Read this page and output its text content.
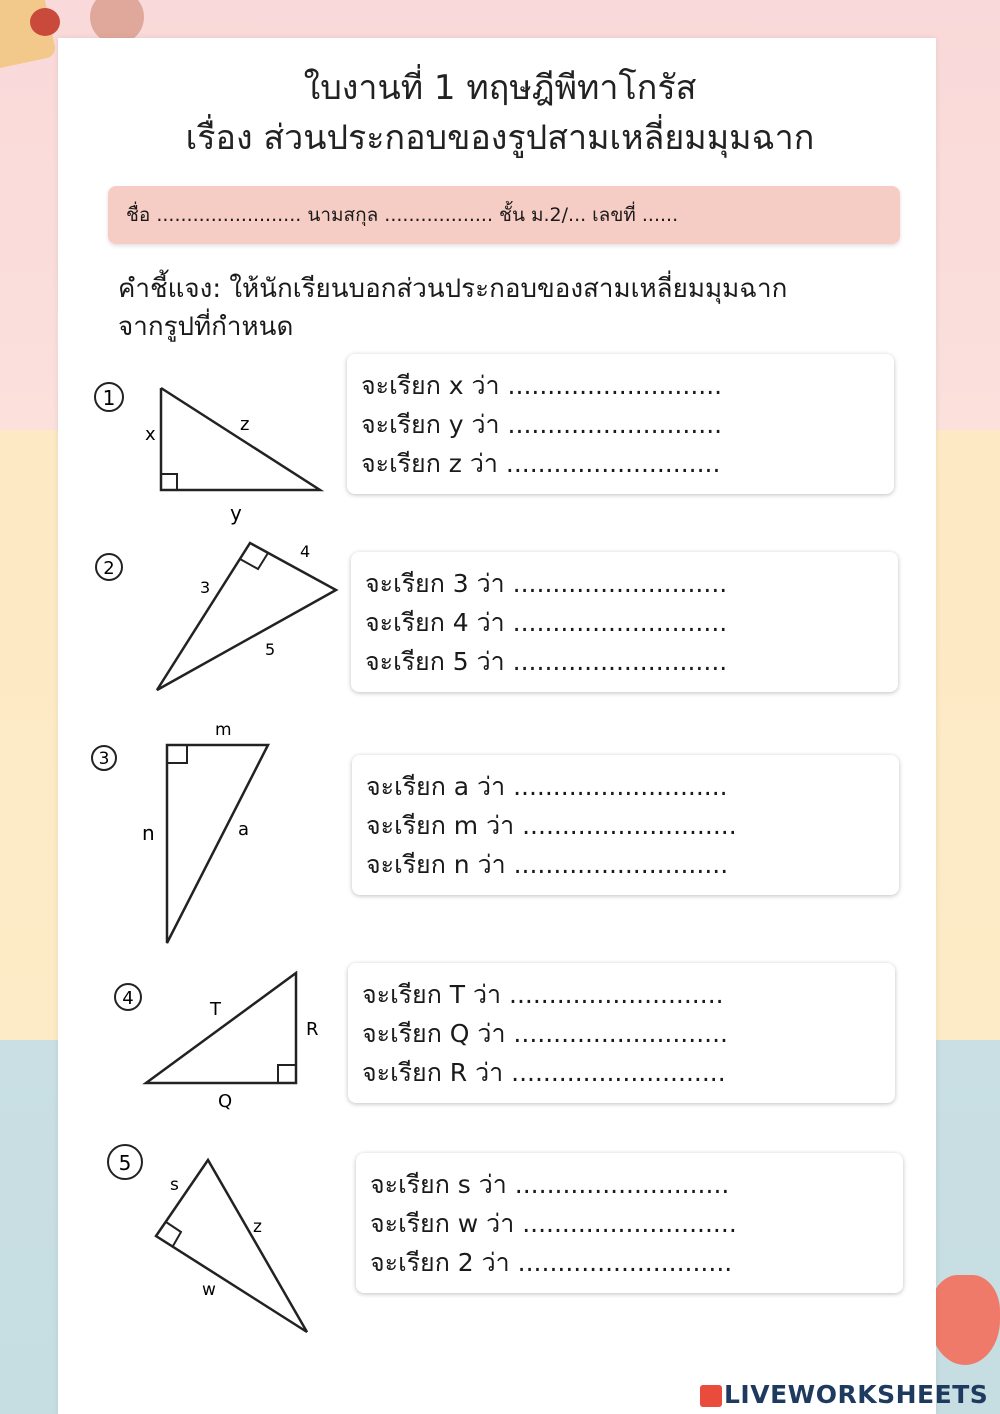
ใบงานที่ 1 ทฤษฎีพีทาโกรัส
เรื่อง ส่วนประกอบของรูปสามเหลี่ยมมุมฉาก
ชื่อ ........................ นามสกุล .................. ชั้น ม.2/... เลขที่ ......
คำชี้แจง: ให้นักเรียนบอกส่วนประกอบของสามเหลี่ยมมุมฉาก
จากรูปที่กำหนด
1
x	z
y
จะเรียก x ว่า ...........................
จะเรียก y ว่า ...........................
จะเรียก z ว่า ...........................
2
3
4
5
จะเรียก 3 ว่า ...........................
จะเรียก 4 ว่า ...........................
จะเรียก 5 ว่า ...........................
3
m
n	a
จะเรียก a ว่า ...........................
จะเรียก m ว่า ...........................
จะเรียก n ว่า ...........................
4
T
R
Q
จะเรียก T ว่า ...........................
จะเรียก Q ว่า ...........................
จะเรียก R ว่า ...........................
5
s
z
w
จะเรียก s ว่า ...........................
จะเรียก w ว่า ...........................
จะเรียก 2 ว่า ...........................
LIVEWORKSHEETS
